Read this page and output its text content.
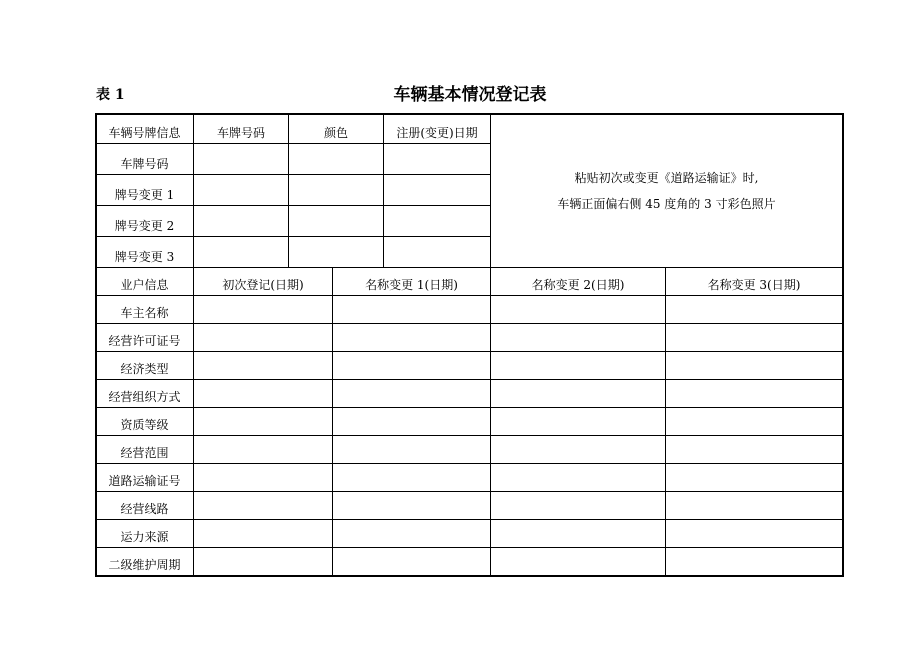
表 1	车辆基本情况登记表
车辆号牌信息	车牌号码	颜色	注册(变更)日期
车牌号码
牌号变更 1
牌号变更 2
牌号变更 3
粘贴初次或变更《道路运输证》时,
车辆正面偏右侧 45 度角的 3 寸彩色照片
业户信息	初次登记(日期)	名称变更 1(日期)	名称变更 2(日期)	名称变更 3(日期)
车主名称
经营许可证号
经济类型
经营组织方式
资质等级
经营范围
道路运输证号
经营线路
运力来源
二级维护周期
